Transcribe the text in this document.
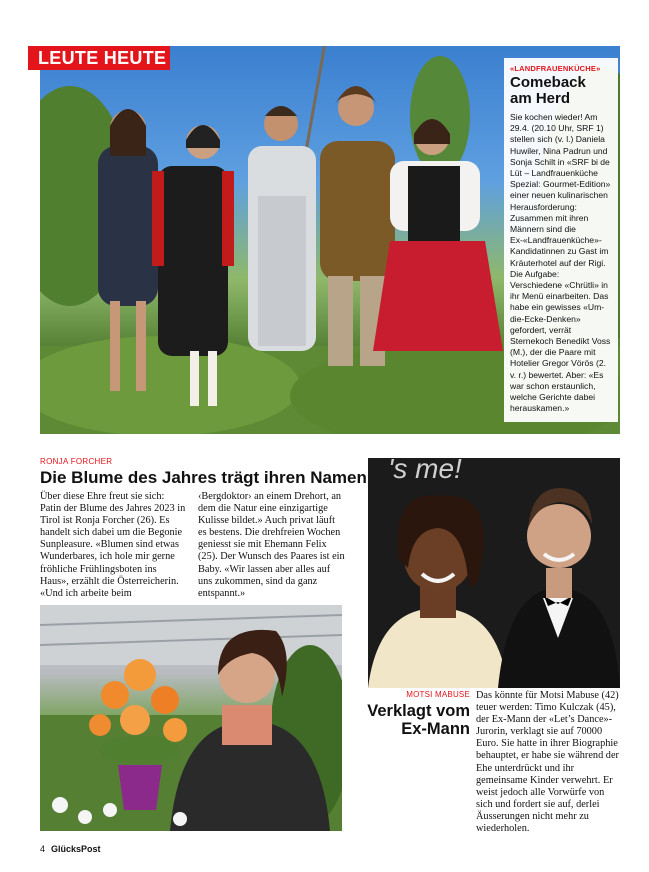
LEUTE HEUTE
«LANDFRAUENKÜCHE»
Comeback
am Herd
Sie kochen wieder! Am 29.4. (20.10 Uhr, SRF 1) stellen sich (v. l.) Daniela Huwiler, Nina Padrun und Sonja Schilt in «SRF bi de Lüt – Landfrauenküche Spezial: Gourmet-Edition» einer neuen kulinarischen Herausforderung: Zusammen mit ihren Männern sind die Ex-«Landfrauenküche»-Kandidatinnen zu Gast im Kräuterhotel auf der Rigi. Die Aufgabe: Verschiedene «Chrütli» in ihr Menü einarbeiten. Das habe ein gewisses «Um-die-Ecke-Denken» gefordert, verrät Sternekoch Benedikt Voss (M.), der die Paare mit Hotelier Gregor Vörös (2. v. r.) bewertet. Aber: «Es war schon erstaunlich, welche Gerichte dabei herauskamen.»
RONJA FORCHER
Die Blume des Jahres trägt ihren Namen
Über diese Ehre freut sie sich: Patin der Blume des Jahres 2023 in Tirol ist Ronja Forcher (26). Es handelt sich dabei um die Begonie Sunpleasure. «Blumen sind etwas Wunderbares, ich hole mir gerne fröhliche Frühlingsboten ins Haus», erzählt die Österreicherin. «Und ich arbeite beim
‹Bergdoktor› an einem Drehort, an dem die Natur eine einzigartige Kulisse bildet.» Auch privat läuft es bestens. Die drehfreien Wochen geniesst sie mit Ehemann Felix (25). Der Wunsch des Paares ist ein Baby. «Wir lassen aber alles auf uns zukommen, sind da ganz entspannt.»
's me!
MOTSI MABUSE
Verklagt vom
Ex-Mann
Das könnte für Motsi Mabuse (42) teuer werden: Timo Kulczak (45), der Ex-Mann der «Let’s Dance»-Jurorin, verklagt sie auf 70000 Euro. Sie hatte in ihrer Biographie behauptet, er habe sie während der Ehe unterdrückt und ihr gemeinsame Kinder verwehrt. Er weist jedoch alle Vorwürfe von sich und fordert sie auf, derlei Äusserungen nicht mehr zu wiederholen.
4 GlücksPost
